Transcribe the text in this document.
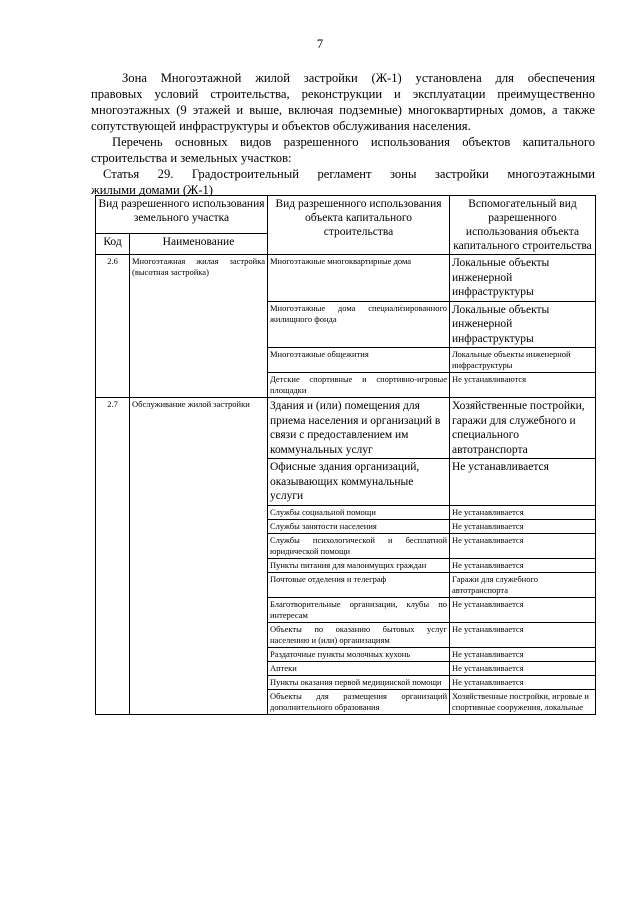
7
Зона Многоэтажной жилой застройки (Ж-1) установлена для обеспечения
правовых условий строительства, реконструкции и эксплуатации преимущественно многоэтажных (9 этажей и выше, включая подземные) многоквартирных домов, а также сопутствующей инфраструктуры и объектов обслуживания населения.
Перечень основных видов разрешенного использования объектов капитального строительства и земельных участков:
Статья 29. Градостроительный регламент зоны застройки многоэтажными
жилыми домами (Ж-1)
Вид разрешенного использования земельного участка		Вид разрешенного использования объекта капитального строительства	Вспомогательный вид разрешенного использования объекта капитального строительства
Код	Наименование		
2.6	Многоэтажная жилая застройка (высотная застройка)	Многоэтажные многоквартирные дома	Локальные объекты инженерной инфраструктуры
		Многоэтажные дома специализированного жилищного фонда	Локальные объекты инженерной инфраструктуры
		Многоэтажные общежития	Локальные объекты инженерной инфраструктуры
		Детские спортивные и спортивно-игровые площадки	Не устанавливаются
2.7	Обслуживание жилой застройки	Здания и (или) помещения для приема населения и организаций в связи с предоставлением им коммунальных услуг	Хозяйственные постройки, гаражи для служебного и специального автотранспорта
		Офисные здания организаций, оказывающих коммунальные услуги	Не устанавливается
		Службы социальной помощи	Не устанавливается
		Службы занятости населения	Не устанавливается
		Службы психологической и бесплатной юридической помощи	Не устанавливается
		Пункты питания для малоимущих граждан	Не устанавливается
		Почтовые отделения и телеграф	Гаражи для служебного автотранспорта
		Благотворительные организации, клубы по интересам	Не устанавливается
		Объекты по оказанию бытовых услуг населению и (или) организациям	Не устанавливается
		Раздаточные пункты молочных кухонь	Не устанавливается
		Аптеки	Не устанавливается
		Пункты оказания первой медицинской помощи	Не устанавливается
		Объекты для размещения организаций дополнительного образования	Хозяйственные постройки, игровые и спортивные сооружения, локальные
